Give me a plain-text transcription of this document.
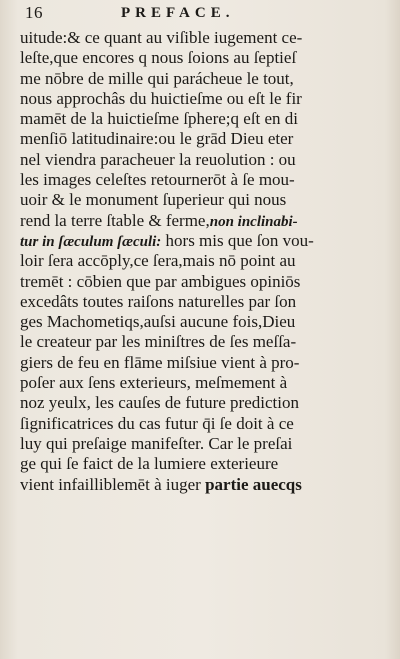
16	PREFACE.
uitude:& ce quant au viſible iugement ce-
leſte,que encores q nous ſoions au ſeptieſ
me nōbre de mille qui parácheue le tout,
nous approchâs du huictieſme ou eſt le fir
mamēt de la huictieſme ſphere;q eſt en di
menſiō latitudinaire:ou le grād Dieu eter
nel viendra paracheuer la reuolution : ou
les images celeſtes retournerōt à ſe mou-
uoir & le monument ſuperieur qui nous
rend la terre ſtable & ferme,non inclinabi-
tur in ſæculum ſæculi: hors mis que ſon vou-
loir ſera accōply,ce ſera,mais nō point au
tremēt : cōbien que par ambigues opiniōs
excedâts toutes raiſons naturelles par ſon
ges Machometiqs,auſsi aucune fois,Dieu
le createur par les miniſtres de ſes meſſa-
giers de feu en flāme miſsiue vient à pro-
poſer aux ſens exterieurs, meſmement à
noz yeulx, les cauſes de future prediction
ſignificatrices du cas futur q̄i ſe doit à ce
luy qui preſaige manifeſter. Car le preſai
ge qui ſe faict de la lumiere exterieure
vient infailliblemēt à iuger partie auecqs
